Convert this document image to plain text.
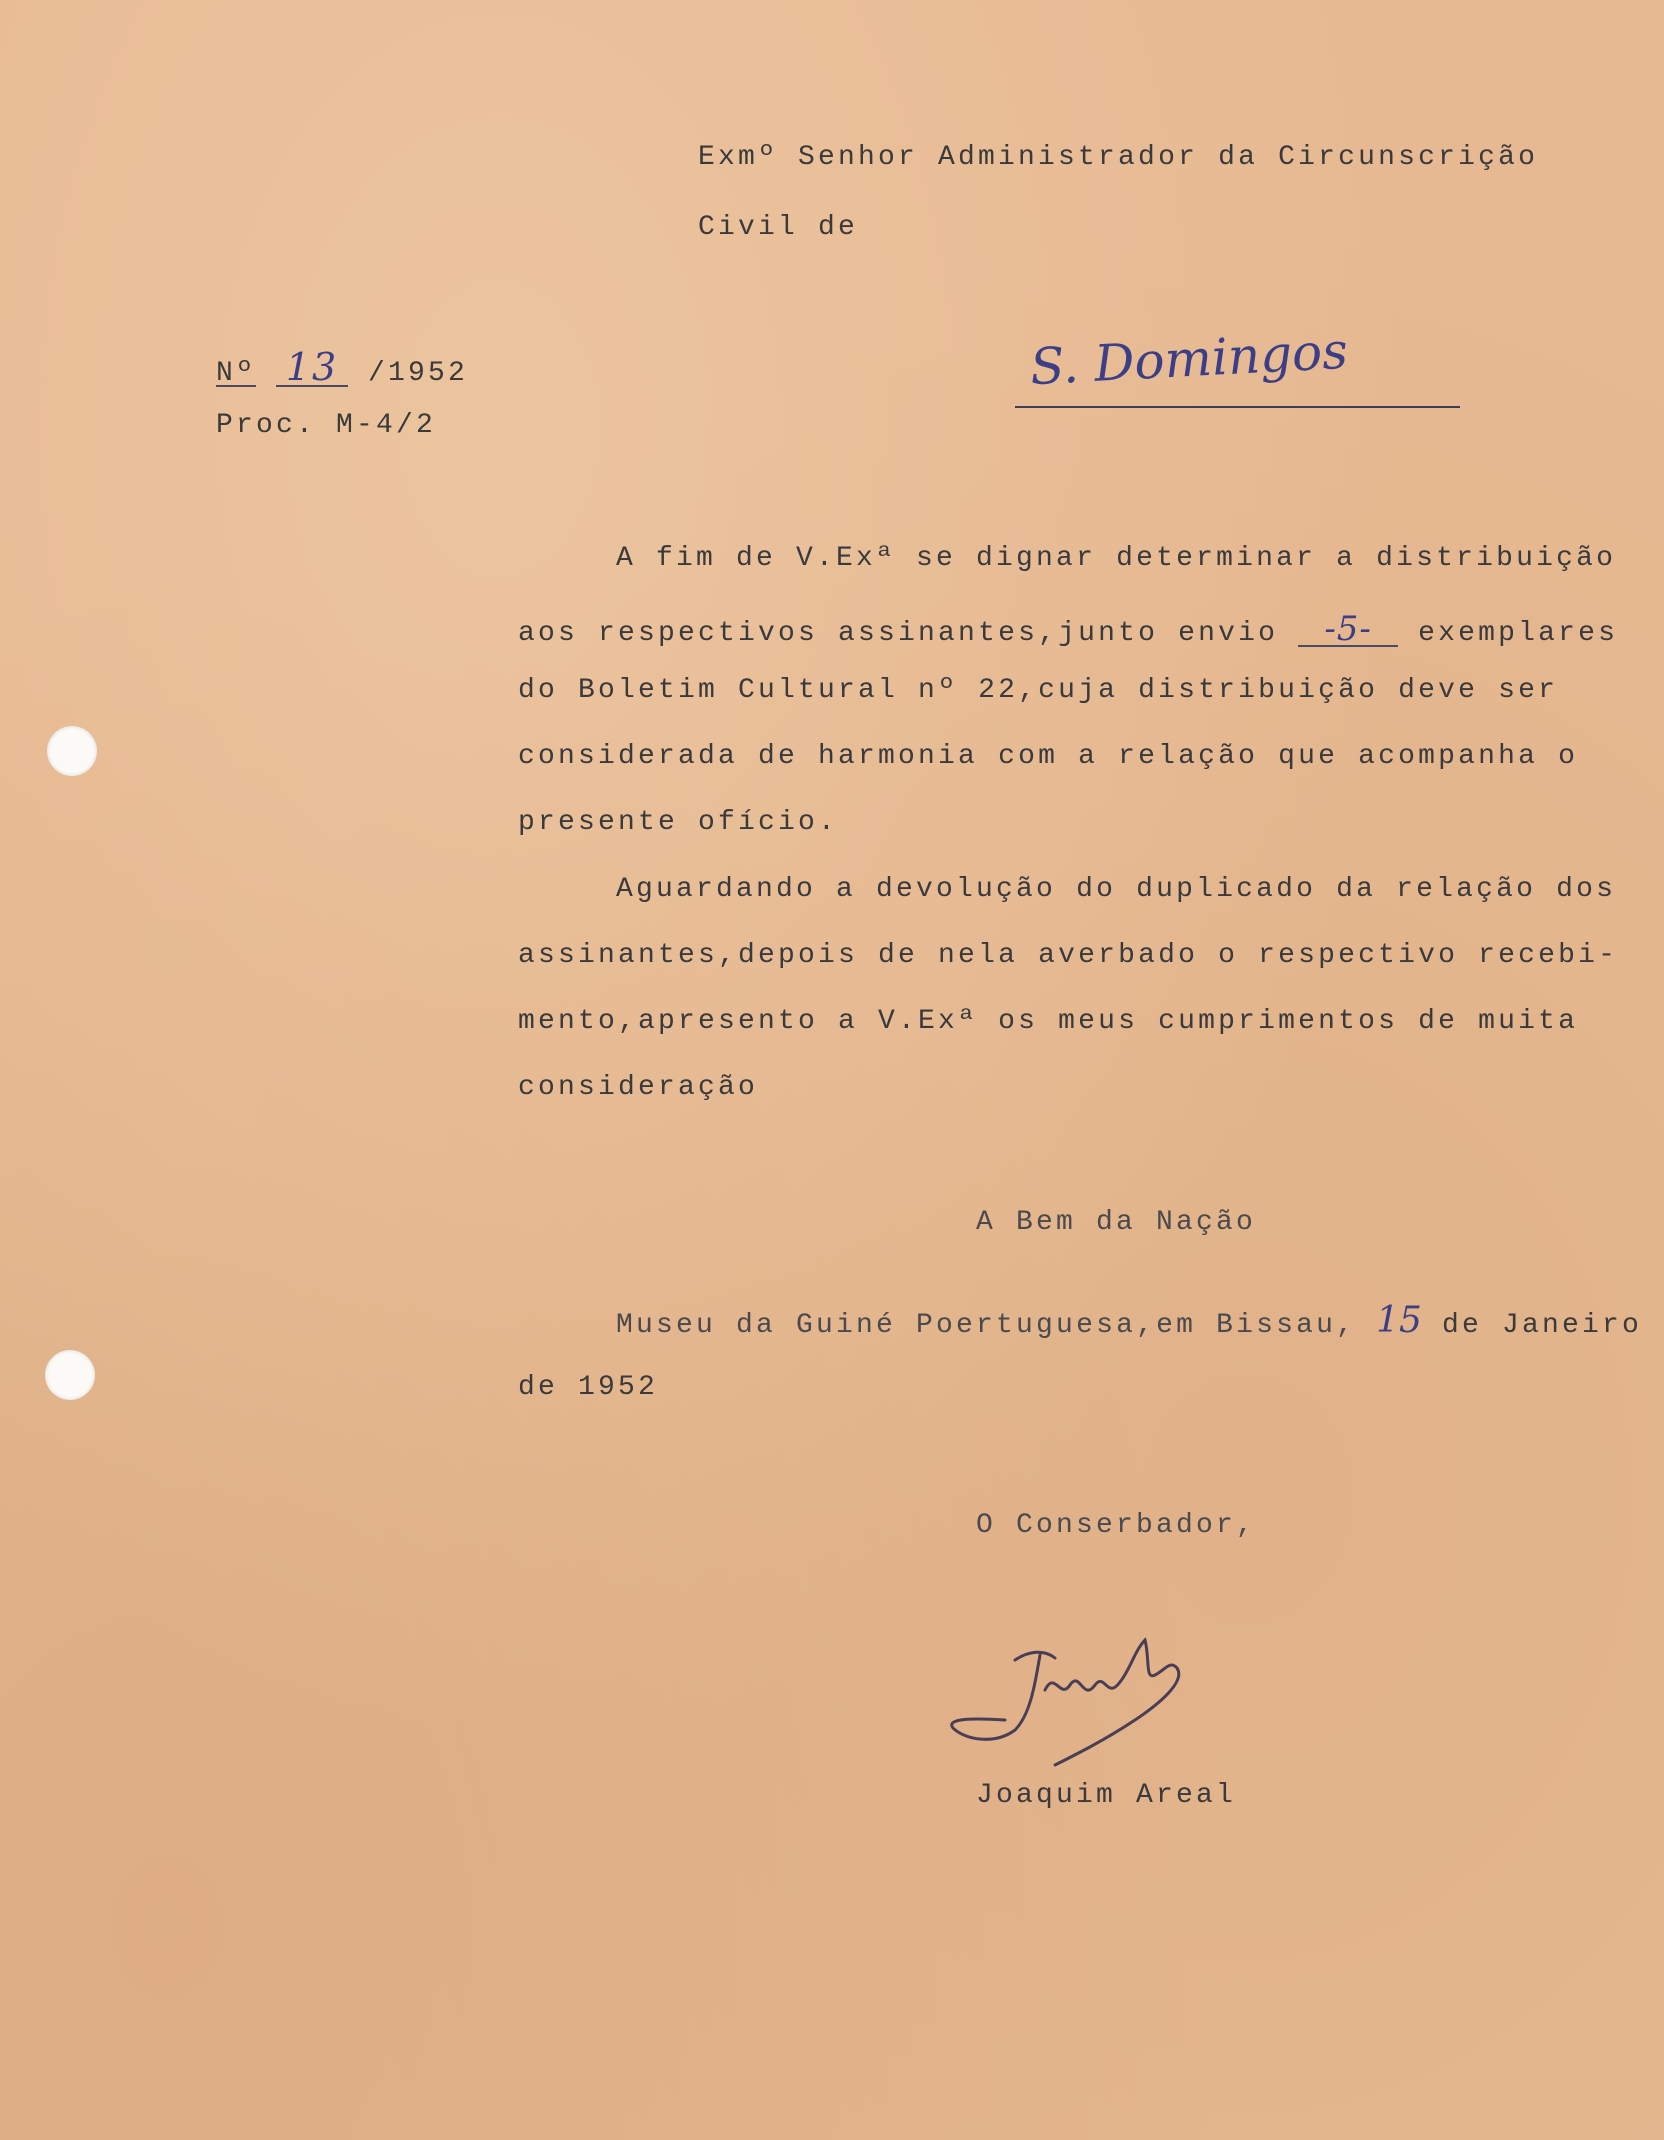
Exmº Senhor Administrador da Circunscrição
Civil de
S. Domingos
Nº 13 /1952
Proc. M-4/2
A fim de V.Exª se dignar determinar a distribuição
aos respectivos assinantes,junto envio -5- exemplares
do Boletim Cultural nº 22,cuja distribuição deve ser
considerada de harmonia com a relação que acompanha o
presente ofício.
Aguardando a devolução do duplicado da relação dos
assinantes,depois de nela averbado o respectivo recebi-
mento,apresento a V.Exª os meus cumprimentos de muita
consideração
A Bem da Nação
Museu da Guiné Poertuguesa,em Bissau, 15 de Janeiro
de 1952
O Conserbador,
Joaquim Areal
